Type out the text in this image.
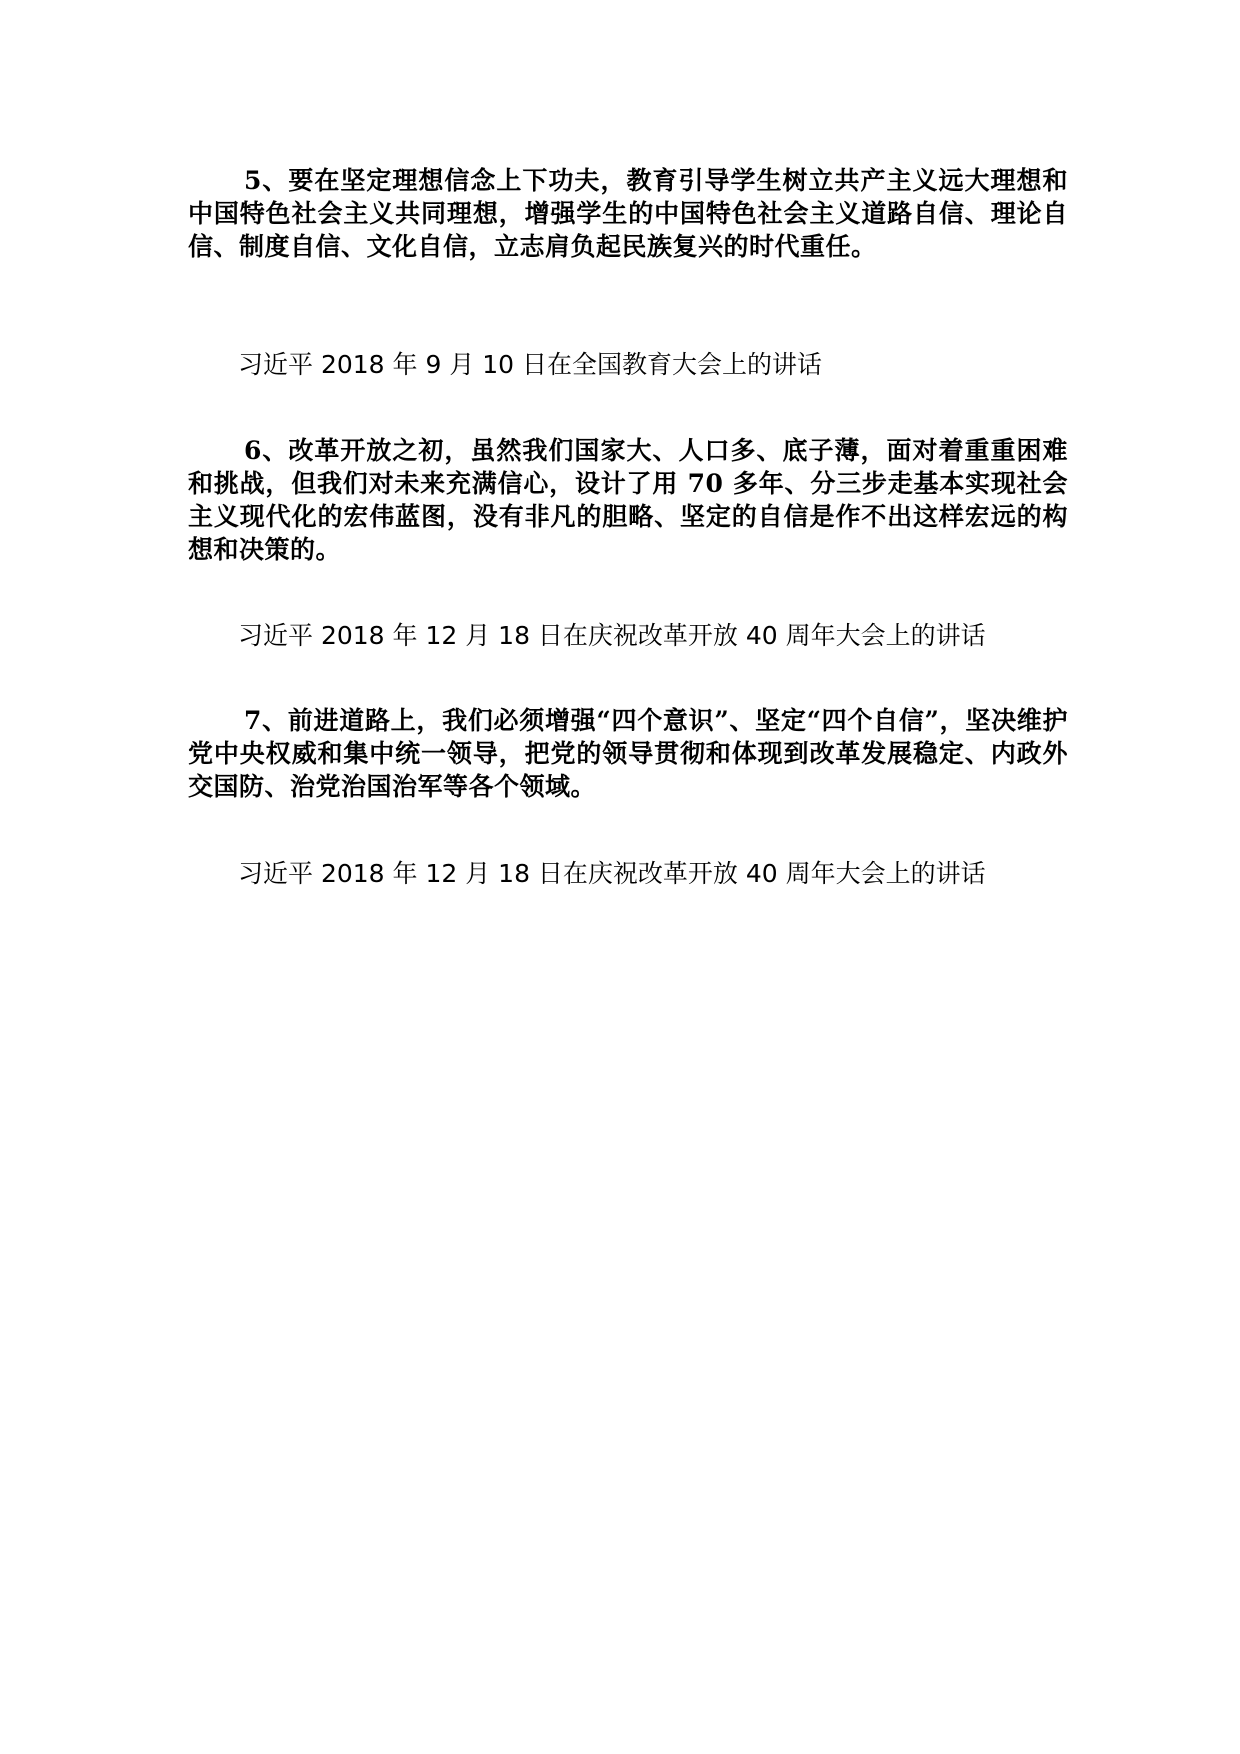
5、要在坚定理想信念上下功夫，教育引导学生树立共产主义远大理想和中国特色社会主义共同理想，增强学生的中国特色社会主义道路自信、理论自信、制度自信、文化自信，立志肩负起民族复兴的时代重任。

习近平 2018 年 9 月 10 日在全国教育大会上的讲话

6、改革开放之初，虽然我们国家大、人口多、底子薄，面对着重重困难和挑战，但我们对未来充满信心，设计了用 70 多年、分三步走基本实现社会主义现代化的宏伟蓝图，没有非凡的胆略、坚定的自信是作不出这样宏远的构想和决策的。

习近平 2018 年 12 月 18 日在庆祝改革开放 40 周年大会上的讲话

7、前进道路上，我们必须增强“四个意识”、坚定“四个自信”，坚决维护党中央权威和集中统一领导，把党的领导贯彻和体现到改革发展稳定、内政外交国防、治党治国治军等各个领域。

习近平 2018 年 12 月 18 日在庆祝改革开放 40 周年大会上的讲话
